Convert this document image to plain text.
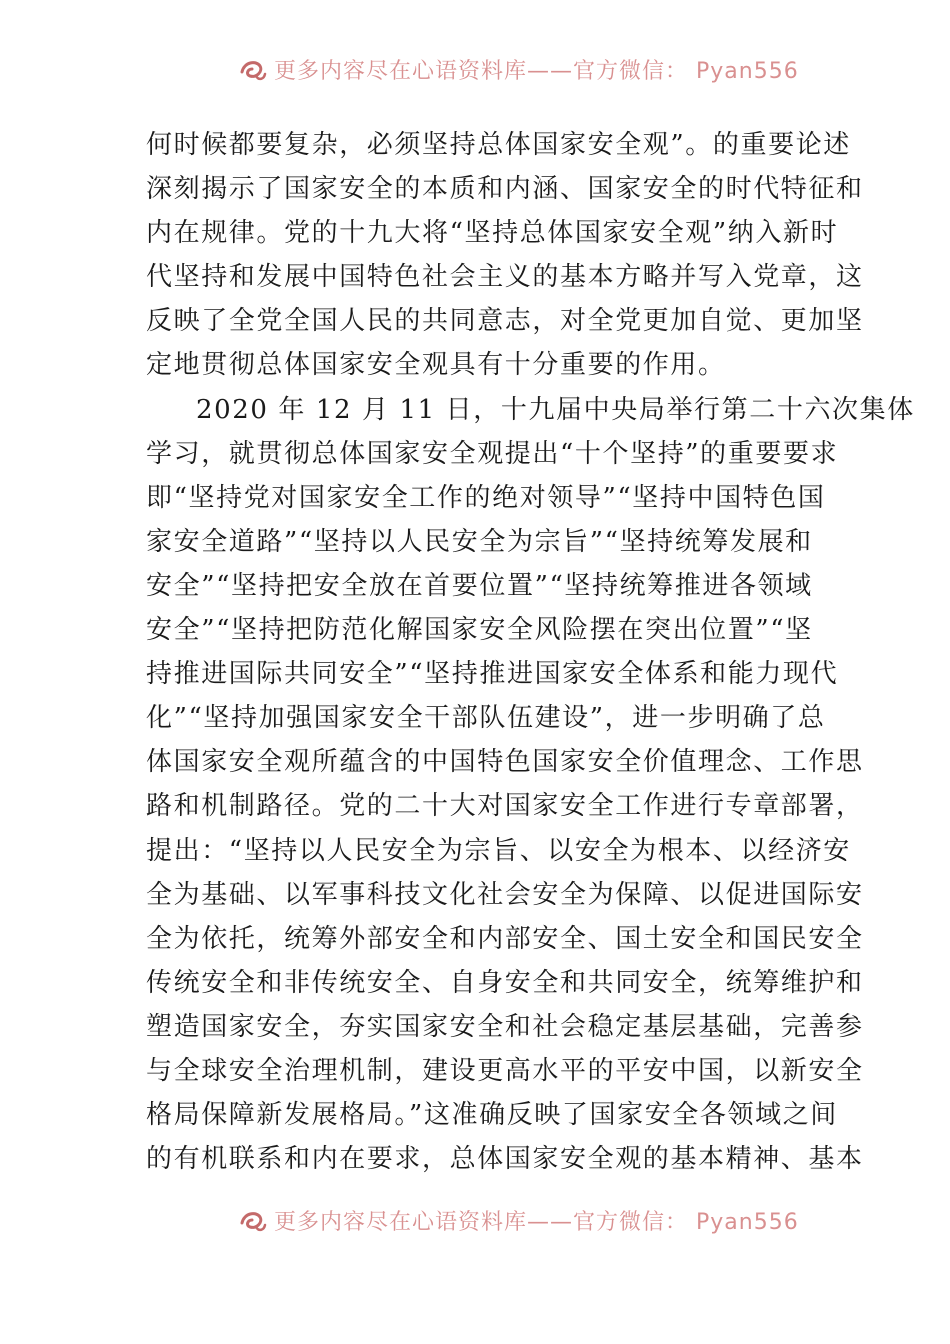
更多内容尽在心语资料库——官方微信： Pyan556
何时候都要复杂，必须坚持总体国家安全观”。的重要论述
深刻揭示了国家安全的本质和内涵、国家安全的时代特征和
内在规律。党的十九大将“坚持总体国家安全观”纳入新时
代坚持和发展中国特色社会主义的基本方略并写入党章，这
反映了全党全国人民的共同意志，对全党更加自觉、更加坚
定地贯彻总体国家安全观具有十分重要的作用。
2020 年 12 月 11 日，十九届中央局举行第二十六次集体
学习，就贯彻总体国家安全观提出“十个坚持”的重要要求
即“坚持党对国家安全工作的绝对领导”“坚持中国特色国
家安全道路”“坚持以人民安全为宗旨”“坚持统筹发展和
安全”“坚持把安全放在首要位置”“坚持统筹推进各领域
安全”“坚持把防范化解国家安全风险摆在突出位置”“坚
持推进国际共同安全”“坚持推进国家安全体系和能力现代
化”“坚持加强国家安全干部队伍建设”，进一步明确了总
体国家安全观所蕴含的中国特色国家安全价值理念、工作思
路和机制路径。党的二十大对国家安全工作进行专章部署，
提出：“坚持以人民安全为宗旨、以安全为根本、以经济安
全为基础、以军事科技文化社会安全为保障、以促进国际安
全为依托，统筹外部安全和内部安全、国土安全和国民安全
传统安全和非传统安全、自身安全和共同安全，统筹维护和
塑造国家安全，夯实国家安全和社会稳定基层基础，完善参
与全球安全治理机制，建设更高水平的平安中国，以新安全
格局保障新发展格局。”这准确反映了国家安全各领域之间
的有机联系和内在要求，总体国家安全观的基本精神、基本
更多内容尽在心语资料库——官方微信： Pyan556
